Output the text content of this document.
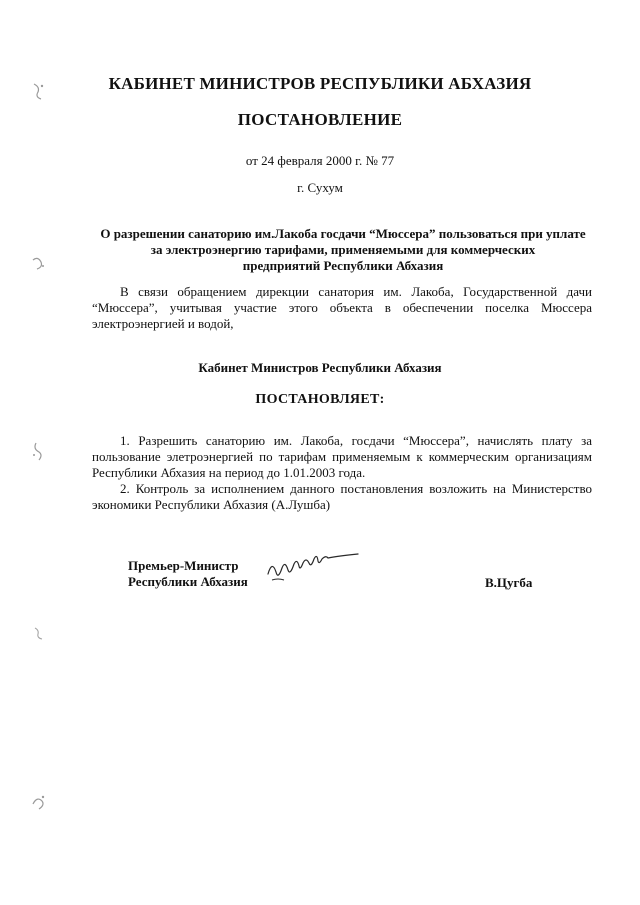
КАБИНЕТ МИНИСТРОВ РЕСПУБЛИКИ АБХАЗИЯ
ПОСТАНОВЛЕНИЕ
от 24 февраля 2000 г. № 77
г. Сухум
О разрешении санаторию им.Лакоба госдачи “Мюссера” пользоваться при уплате
за электроэнергию тарифами, применяемыми для коммерческих
предприятий Республики Абхазия
В связи обращением дирекции санатория им. Лакоба, Государственной дачи “Мюссера”, учитывая участие этого объекта в обеспечении поселка Мюссера электроэнергией и водой,
Кабинет Министров Республики Абхазия
ПОСТАНОВЛЯЕТ:

1. Разрешить санаторию им. Лакоба, госдачи “Мюссера”, начислять плату за пользование элетроэнергией по тарифам применяемым к коммерческим организациям Республики Абхазия на период до 1.01.2003 года.

2. Контроль за исполнением данного постановления возложить на Министерство экономики Республики Абхазия (А.Лушба)

Премьер-Министр
Республики Абхазия	В.Цугба
